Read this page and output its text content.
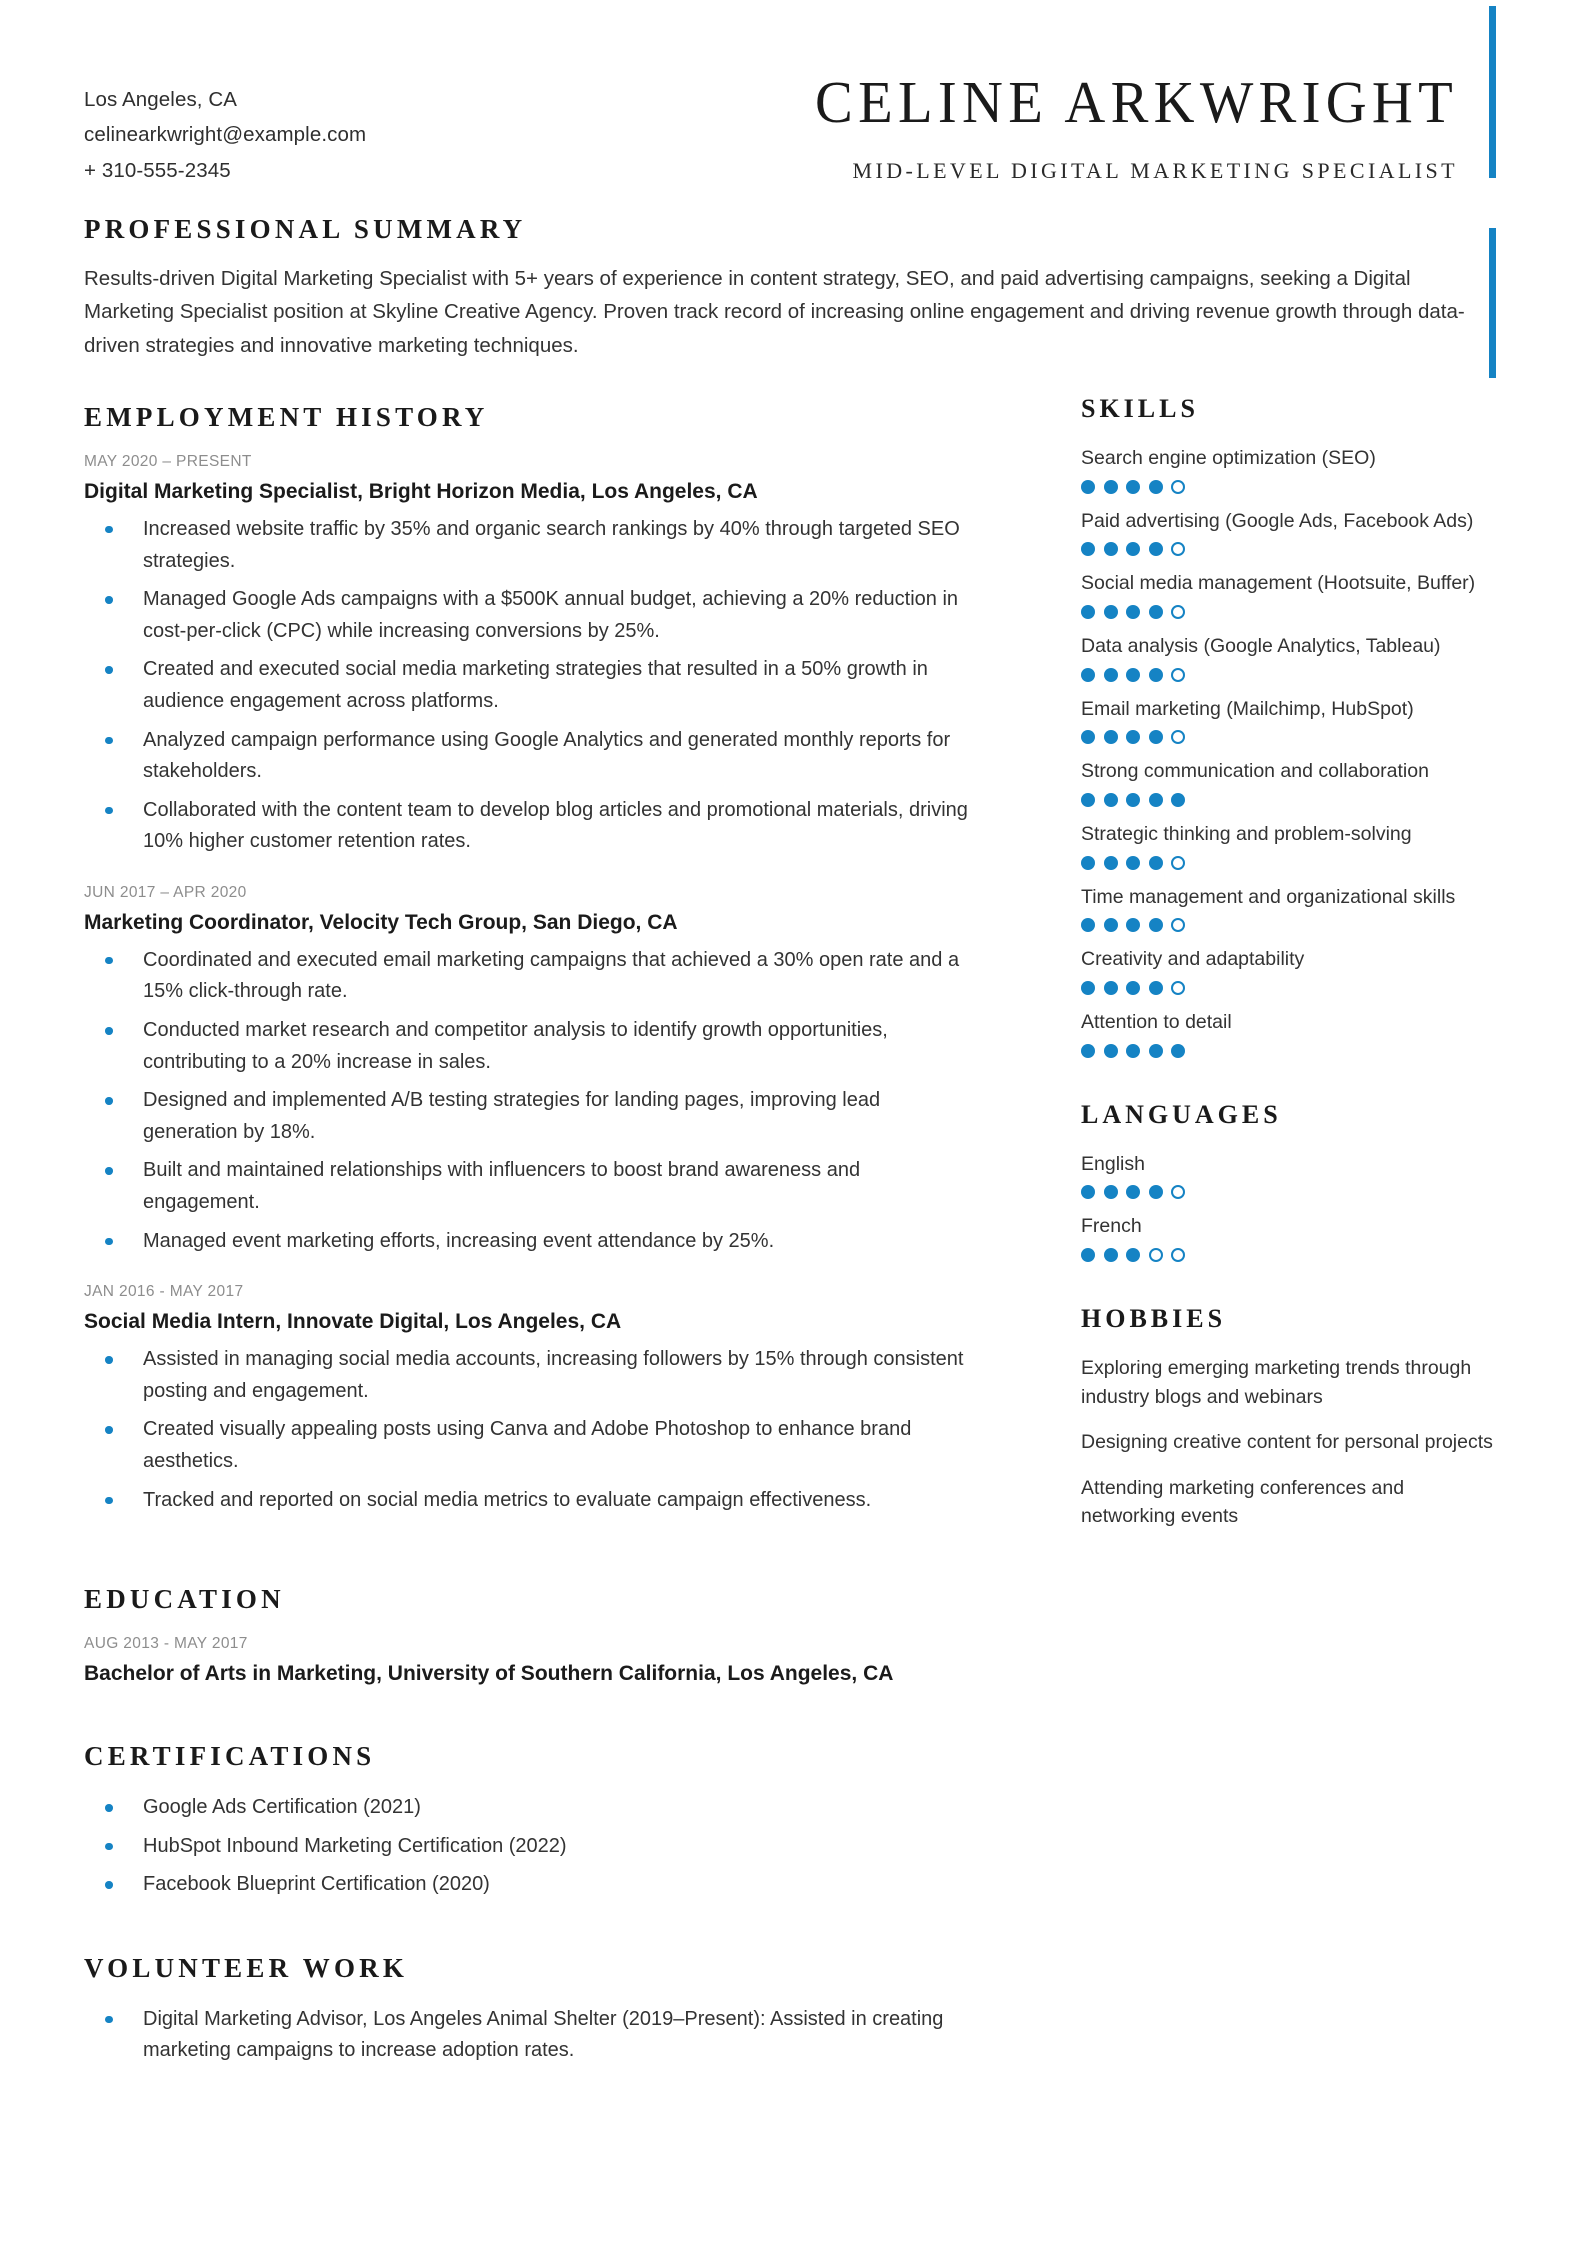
Los Angeles, CA
celinearkwright@example.com
+ 310-555-2345
CELINE ARKWRIGHT
MID-LEVEL DIGITAL MARKETING SPECIALIST
PROFESSIONAL SUMMARY
Results-driven Digital Marketing Specialist with 5+ years of experience in content strategy, SEO, and paid advertising campaigns, seeking a Digital Marketing Specialist position at Skyline Creative Agency. Proven track record of increasing online engagement and driving revenue growth through data-driven strategies and innovative marketing techniques.
EMPLOYMENT HISTORY
MAY 2020 – PRESENT
Digital Marketing Specialist, Bright Horizon Media, Los Angeles, CA
Increased website traffic by 35% and organic search rankings by 40% through targeted SEO strategies.
Managed Google Ads campaigns with a $500K annual budget, achieving a 20% reduction in cost-per-click (CPC) while increasing conversions by 25%.
Created and executed social media marketing strategies that resulted in a 50% growth in audience engagement across platforms.
Analyzed campaign performance using Google Analytics and generated monthly reports for stakeholders.
Collaborated with the content team to develop blog articles and promotional materials, driving 10% higher customer retention rates.
JUN 2017 – APR 2020
Marketing Coordinator, Velocity Tech Group, San Diego, CA
Coordinated and executed email marketing campaigns that achieved a 30% open rate and a 15% click-through rate.
Conducted market research and competitor analysis to identify growth opportunities, contributing to a 20% increase in sales.
Designed and implemented A/B testing strategies for landing pages, improving lead generation by 18%.
Built and maintained relationships with influencers to boost brand awareness and engagement.
Managed event marketing efforts, increasing event attendance by 25%.
JAN 2016 - MAY 2017
Social Media Intern, Innovate Digital, Los Angeles, CA
Assisted in managing social media accounts, increasing followers by 15% through consistent posting and engagement.
Created visually appealing posts using Canva and Adobe Photoshop to enhance brand aesthetics.
Tracked and reported on social media metrics to evaluate campaign effectiveness.
EDUCATION
AUG 2013 - MAY 2017
Bachelor of Arts in Marketing, University of Southern California, Los Angeles, CA
CERTIFICATIONS
Google Ads Certification (2021)
HubSpot Inbound Marketing Certification (2022)
Facebook Blueprint Certification (2020)
VOLUNTEER WORK
Digital Marketing Advisor, Los Angeles Animal Shelter (2019–Present): Assisted in creating marketing campaigns to increase adoption rates.
SKILLS
Search engine optimization (SEO)
Paid advertising (Google Ads, Facebook Ads)
Social media management (Hootsuite, Buffer)
Data analysis (Google Analytics, Tableau)
Email marketing (Mailchimp, HubSpot)
Strong communication and collaboration
Strategic thinking and problem-solving
Time management and organizational skills
Creativity and adaptability
Attention to detail
LANGUAGES
English
French
HOBBIES
Exploring emerging marketing trends through industry blogs and webinars
Designing creative content for personal projects
Attending marketing conferences and networking events
